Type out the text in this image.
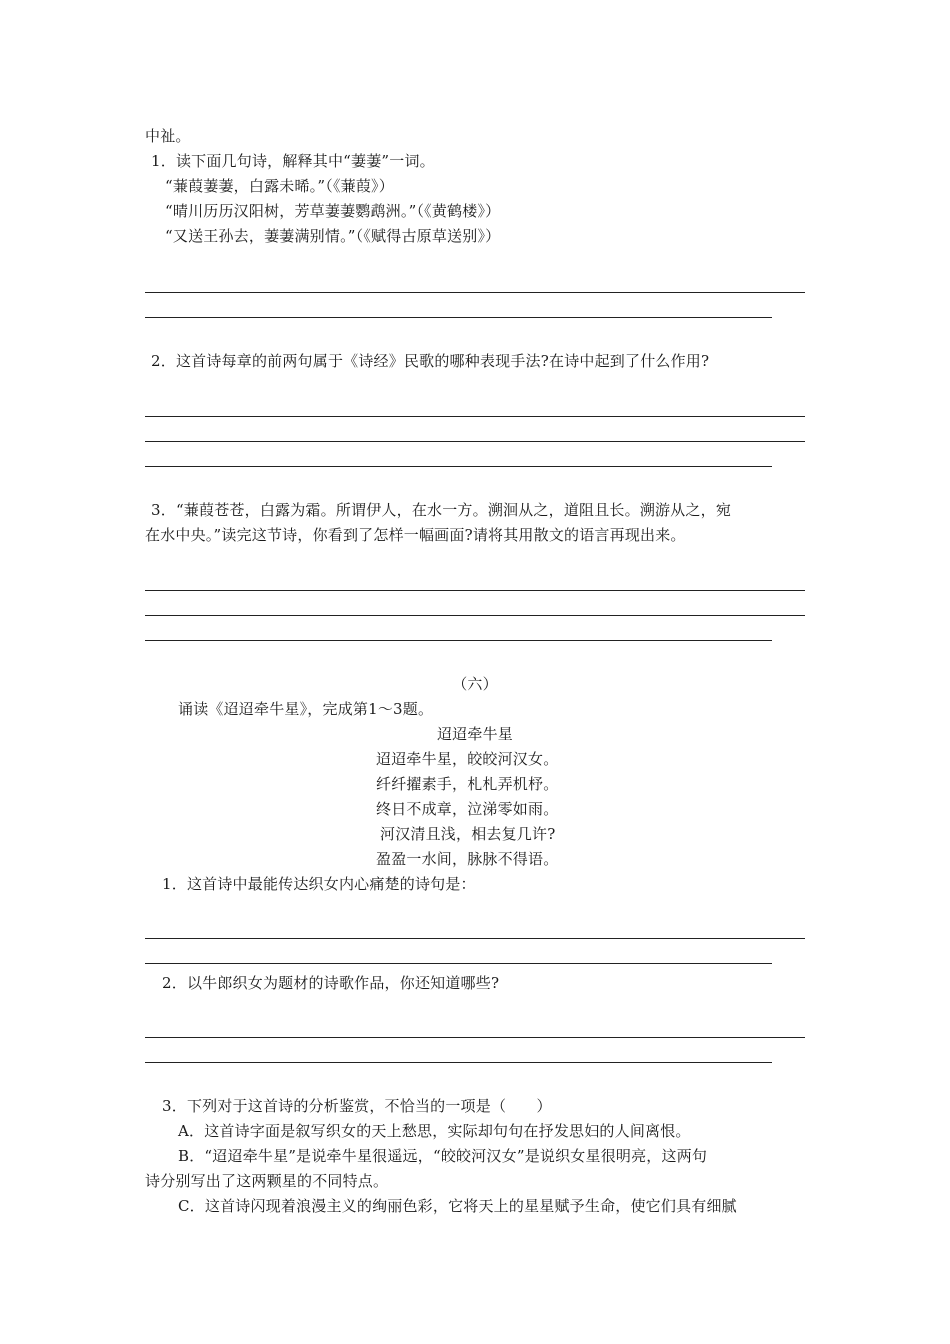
中祉。
1．读下面几句诗，解释其中“萋萋”一词。
“蒹葭萋萋，白露未晞。”（《蒹葭》）
“晴川历历汉阳树，芳草萋萋鹦鹉洲。”（《黄鹤楼》）
“又送王孙去，萋萋满别情。”（《赋得古原草送别》）
2．这首诗每章的前两句属于《诗经》民歌的哪种表现手法?在诗中起到了什么作用?
3．“蒹葭苍苍，白露为霜。所谓伊人，在水一方。溯洄从之，道阻且长。溯游从之，宛
在水中央。”读完这节诗，你看到了怎样一幅画面?请将其用散文的语言再现出来。
（六）
诵读《迢迢牵牛星》，完成第1～3题。
迢迢牵牛星
迢迢牵牛星，皎皎河汉女。
纤纤擢素手，札札弄机杼。
终日不成章，泣涕零如雨。
河汉清且浅，相去复几许?
盈盈一水间，脉脉不得语。
1．这首诗中最能传达织女内心痛楚的诗句是：
2．以牛郎织女为题材的诗歌作品，你还知道哪些?
3．下列对于这首诗的分析鉴赏，不恰当的一项是（　　）
A．这首诗字面是叙写织女的天上愁思，实际却句句在抒发思妇的人间离恨。
B．“迢迢牵牛星”是说牵牛星很遥远，“皎皎河汉女”是说织女星很明亮，这两句
诗分别写出了这两颗星的不同特点。
C．这首诗闪现着浪漫主义的绚丽色彩，它将天上的星星赋予生命，使它们具有细腻
